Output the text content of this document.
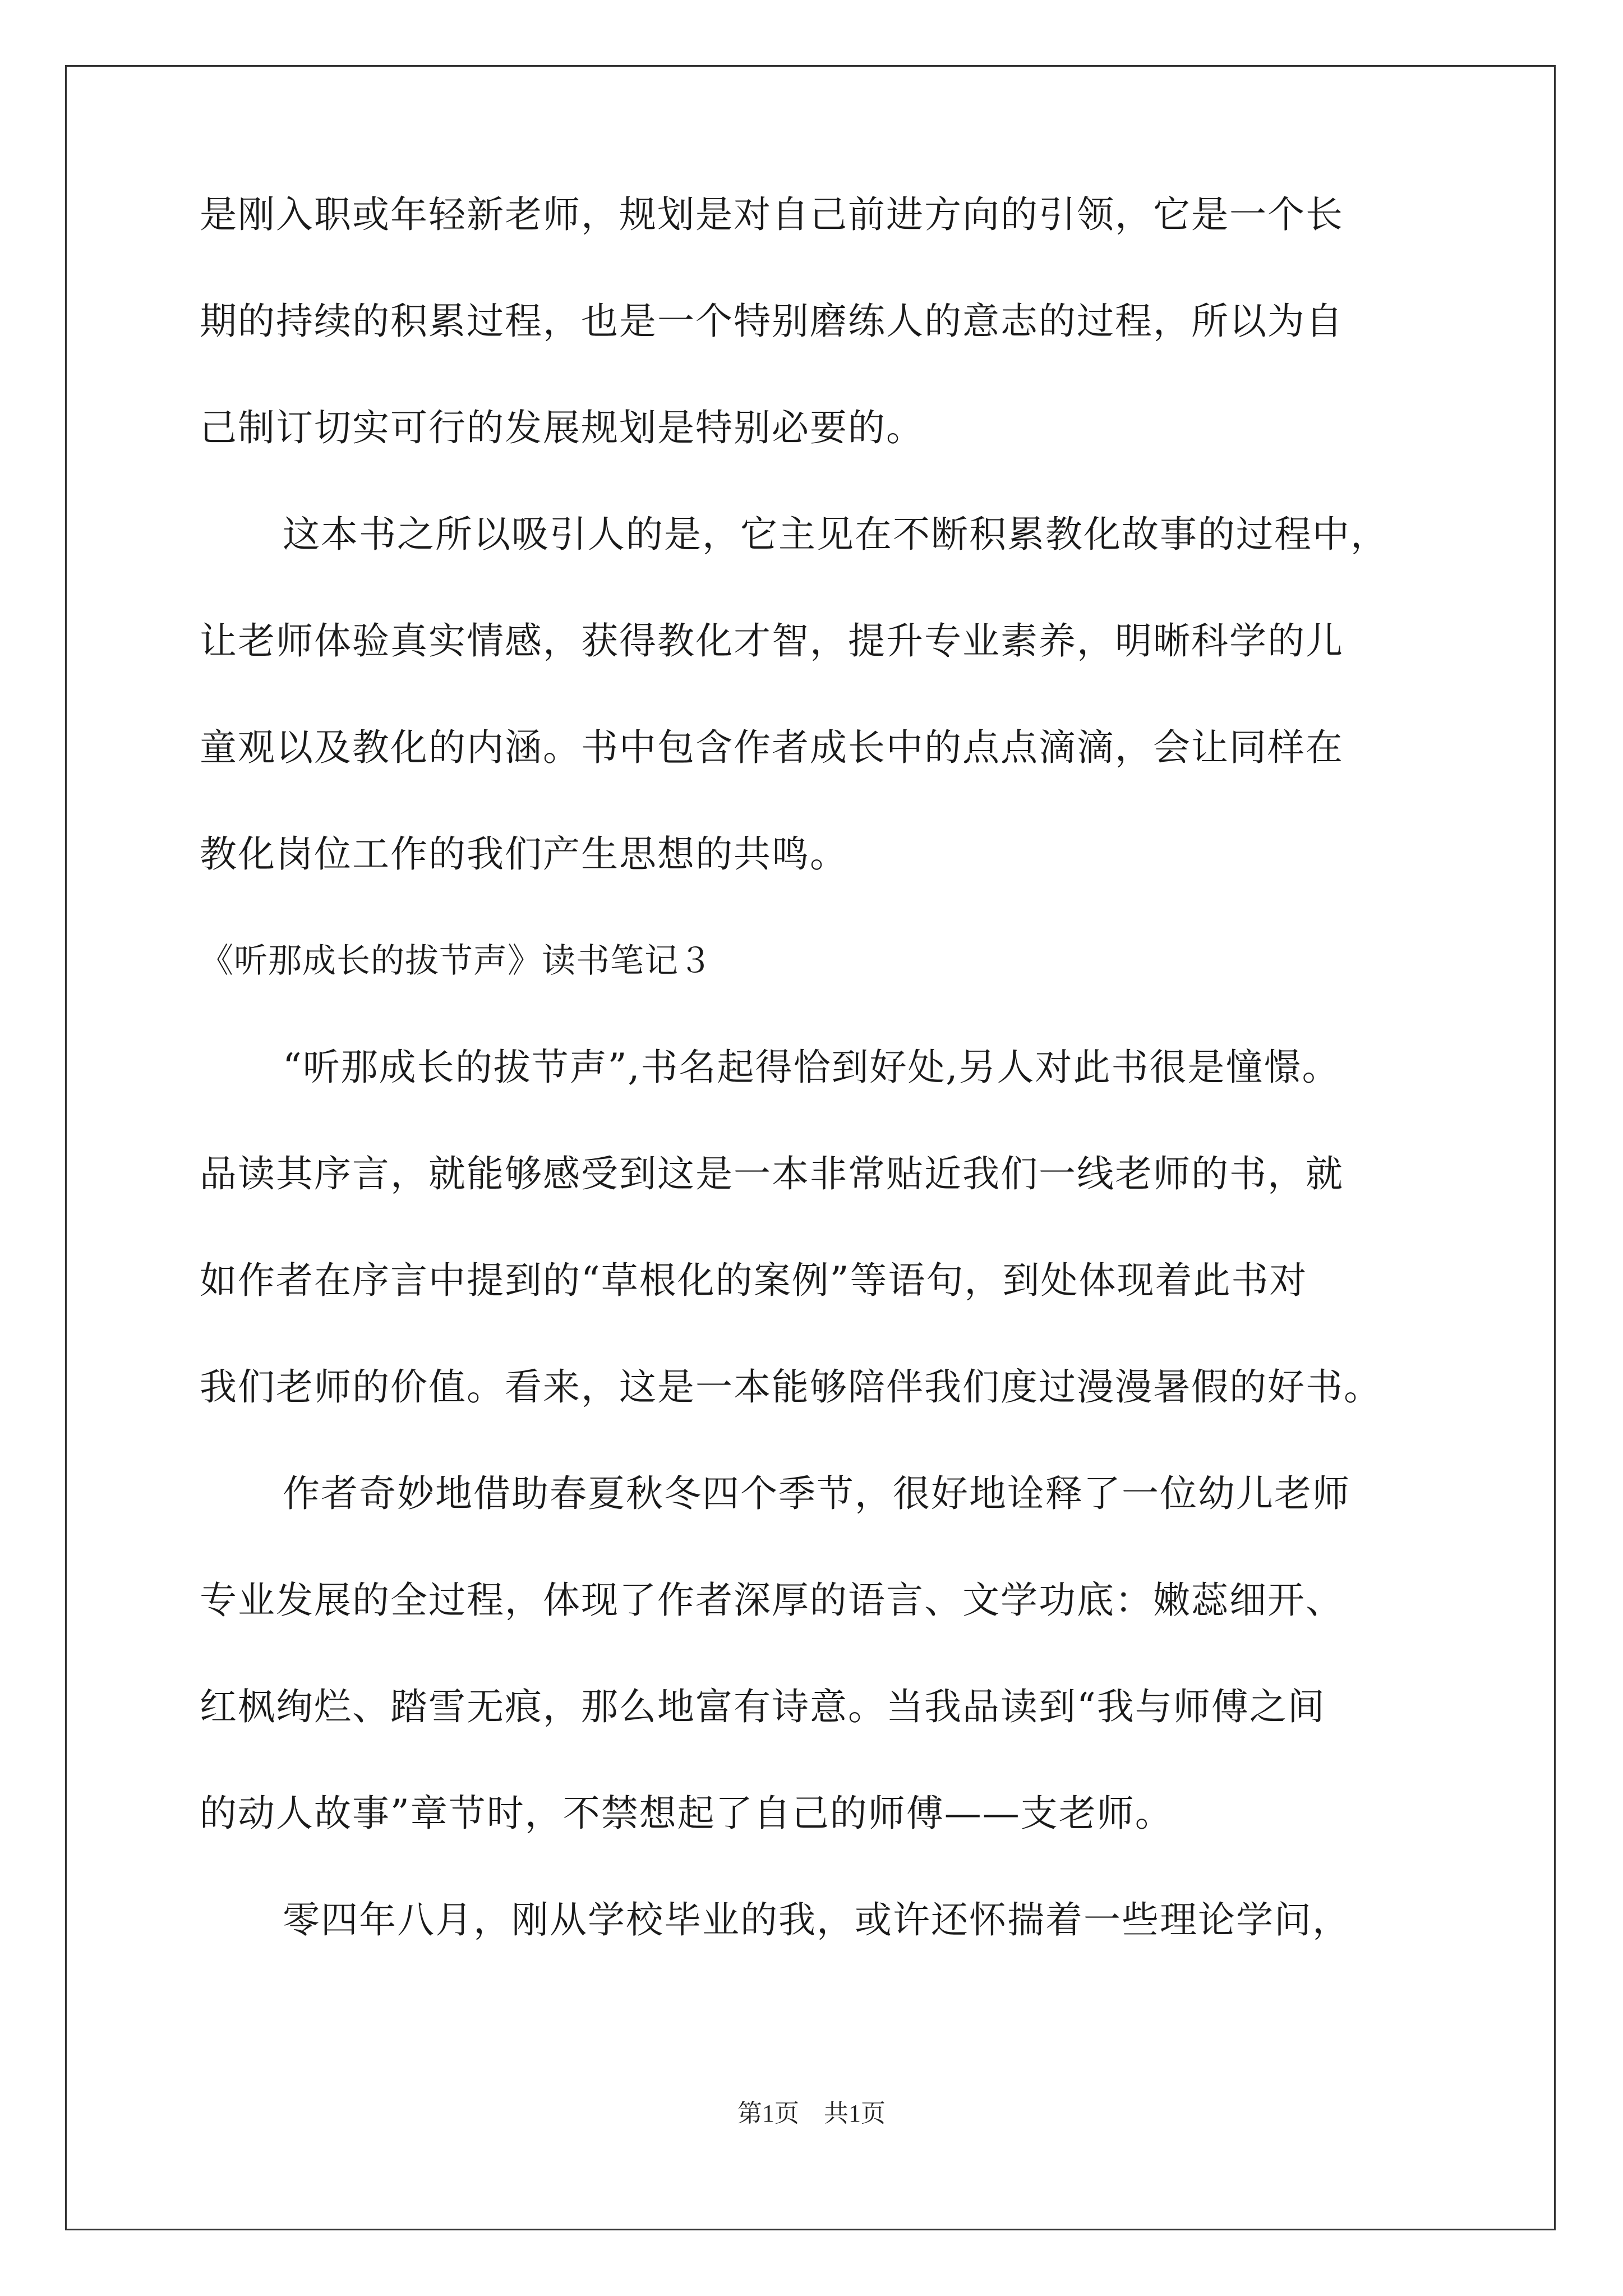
是刚入职或年轻新老师，规划是对自己前进方向的引领，它是一个长
期的持续的积累过程，也是一个特别磨练人的意志的过程，所以为自
己制订切实可行的发展规划是特别必要的。
这本书之所以吸引人的是，它主见在不断积累教化故事的过程中，
让老师体验真实情感，获得教化才智，提升专业素养，明晰科学的儿
童观以及教化的内涵。书中包含作者成长中的点点滴滴，会让同样在
教化岗位工作的我们产生思想的共鸣。
《听那成长的拔节声》读书笔记３
“听那成长的拔节声”,书名起得恰到好处,另人对此书很是憧憬。
品读其序言，就能够感受到这是一本非常贴近我们一线老师的书，就
如作者在序言中提到的“草根化的案例”等语句，到处体现着此书对
我们老师的价值。看来，这是一本能够陪伴我们度过漫漫暑假的好书。
作者奇妙地借助春夏秋冬四个季节，很好地诠释了一位幼儿老师
专业发展的全过程，体现了作者深厚的语言、文学功底：嫩蕊细开、
红枫绚烂、踏雪无痕，那么地富有诗意。当我品读到“我与师傅之间
的动人故事”章节时，不禁想起了自己的师傅——支老师。
零四年八月，刚从学校毕业的我，或许还怀揣着一些理论学问，
第1页　共1页
